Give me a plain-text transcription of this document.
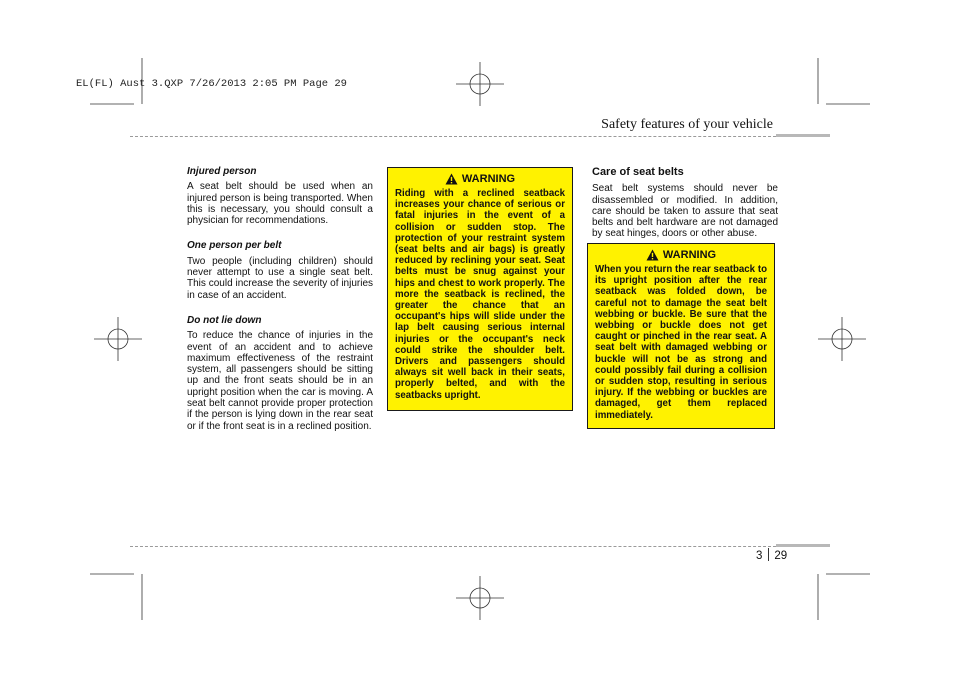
EL(FL) Aust 3.QXP 7/26/2013 2:05 PM Page 29
Safety features of your vehicle

Injured person

A seat belt should be used when an injured person is being transported. When this is necessary, you should consult a physician for recommendations.

One person per belt

Two people (including children) should never attempt to use a single seat belt. This could increase the severity of injuries in case of an accident.

Do not lie down

To reduce the chance of injuries in the event of an accident and to achieve maximum effectiveness of the restraint system, all passengers should be sitting up and the front seats should be in an upright position when the car is moving. A seat belt cannot provide proper protection if the person is lying down in the rear seat or if the front seat is in a reclined position.

WARNING
Riding with a reclined seatback increases your chance of serious or fatal injuries in the event of a collision or sudden stop. The protection of your restraint system (seat belts and air bags) is greatly reduced by reclining your seat. Seat belts must be snug against your hips and chest to work properly. The more the seatback is reclined, the greater the chance that an occupant's hips will slide under the lap belt causing serious internal injuries or the occupant's neck could strike the shoulder belt. Drivers and passengers should always sit well back in their seats, properly belted, and with the seatbacks upright.

Care of seat belts

Seat belt systems should never be disassembled or modified. In addition, care should be taken to assure that seat belts and belt hardware are not damaged by seat hinges, doors or other abuse.

WARNING
When you return the rear seatback to its upright position after the rear seatback was folded down, be careful not to damage the seat belt webbing or buckle. Be sure that the webbing or buckle does not get caught or pinched in the rear seat. A seat belt with damaged webbing or buckle will not be as strong and could possibly fail during a collision or sudden stop, resulting in serious injury. If the webbing or buckles are damaged, get them replaced immediately.
3 29
